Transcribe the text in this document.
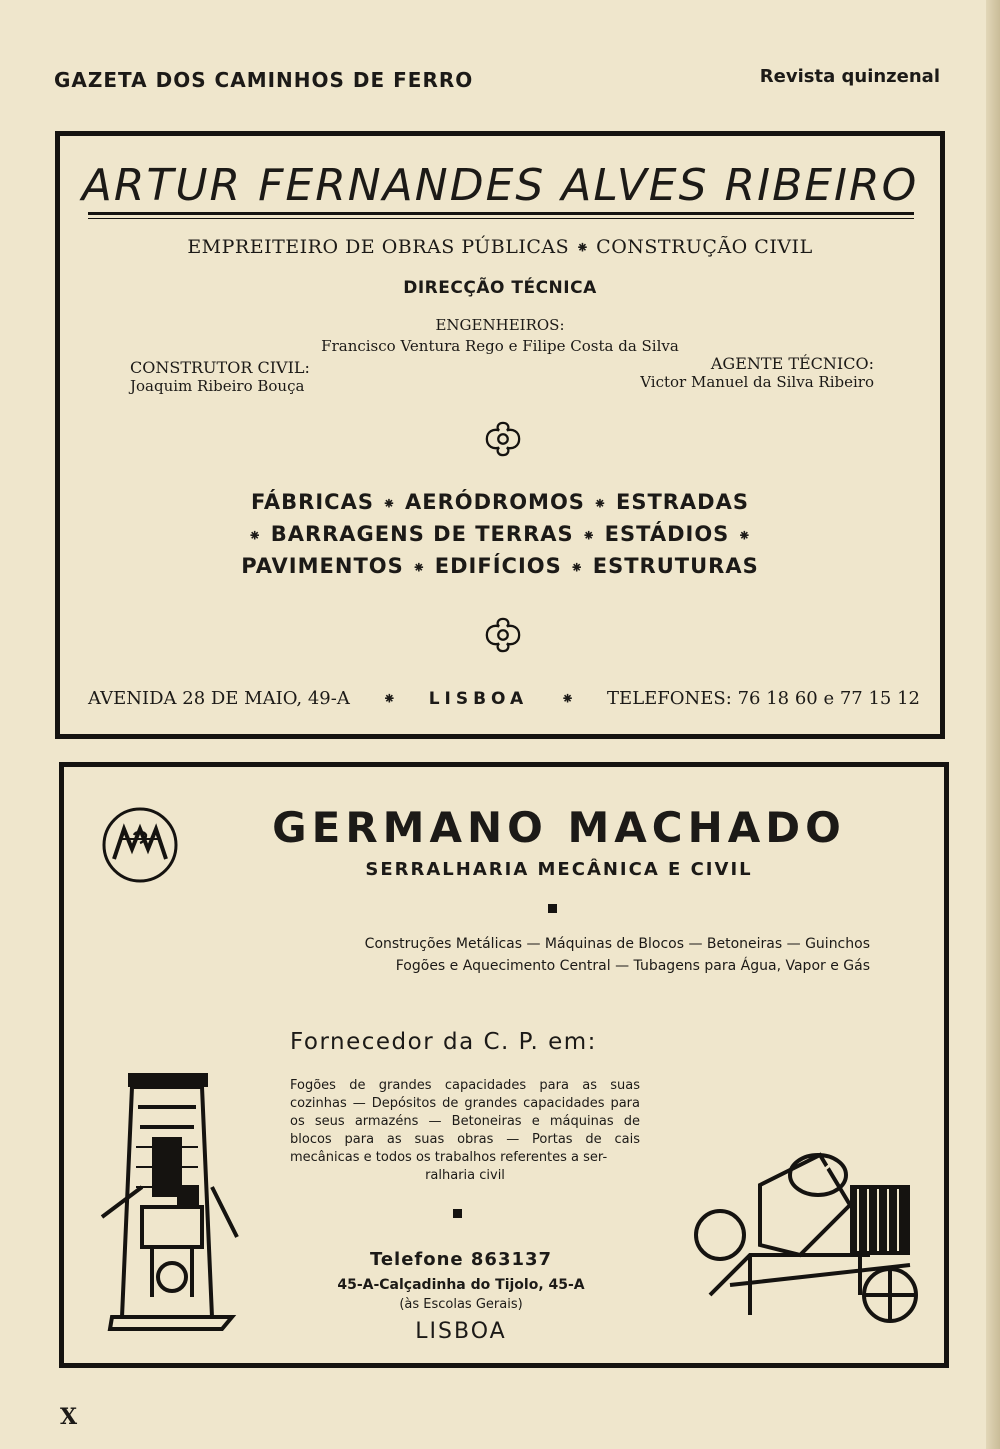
GAZETA DOS CAMINHOS DE FERRO	Revista quinzenal
ARTUR FERNANDES ALVES RIBEIRO
EMPREITEIRO DE OBRAS PÚBLICAS ⁕ CONSTRUÇÃO CIVIL
DIRECÇÃO TÉCNICA
ENGENHEIROS:
Francisco Ventura Rego e Filipe Costa da Silva
CONSTRUTOR CIVIL:
Joaquim Ribeiro Bouça
AGENTE TÉCNICO:
Victor Manuel da Silva Ribeiro
FÁBRICAS ⁕ AERÓDROMOS ⁕ ESTRADAS
⁕ BARRAGENS DE TERRAS ⁕ ESTÁDIOS ⁕
PAVIMENTOS ⁕ EDIFÍCIOS ⁕ ESTRUTURAS
AVENIDA 28 DE MAIO, 49-A ⁕ LISBOA ⁕ TELEFONES: 76 18 60 e 77 15 12
GERMANO MACHADO
SERRALHARIA MECÂNICA E CIVIL
Construções Metálicas — Máquinas de Blocos — Betoneiras — Guinchos
Fogões e Aquecimento Central — Tubagens para Água, Vapor e Gás
Fornecedor da C. P. em:
Fogões de grandes capacidades para as suas cozinhas — Depósitos de grandes capacidades para os seus armazéns — Betoneiras e máquinas de blocos para as suas obras — Portas de cais mecânicas e todos os trabalhos referentes a ser-
ralharia civil
Telefone 863137
45-A-Calçadinha do Tijolo, 45-A
(às Escolas Gerais)
LISBOA
X
